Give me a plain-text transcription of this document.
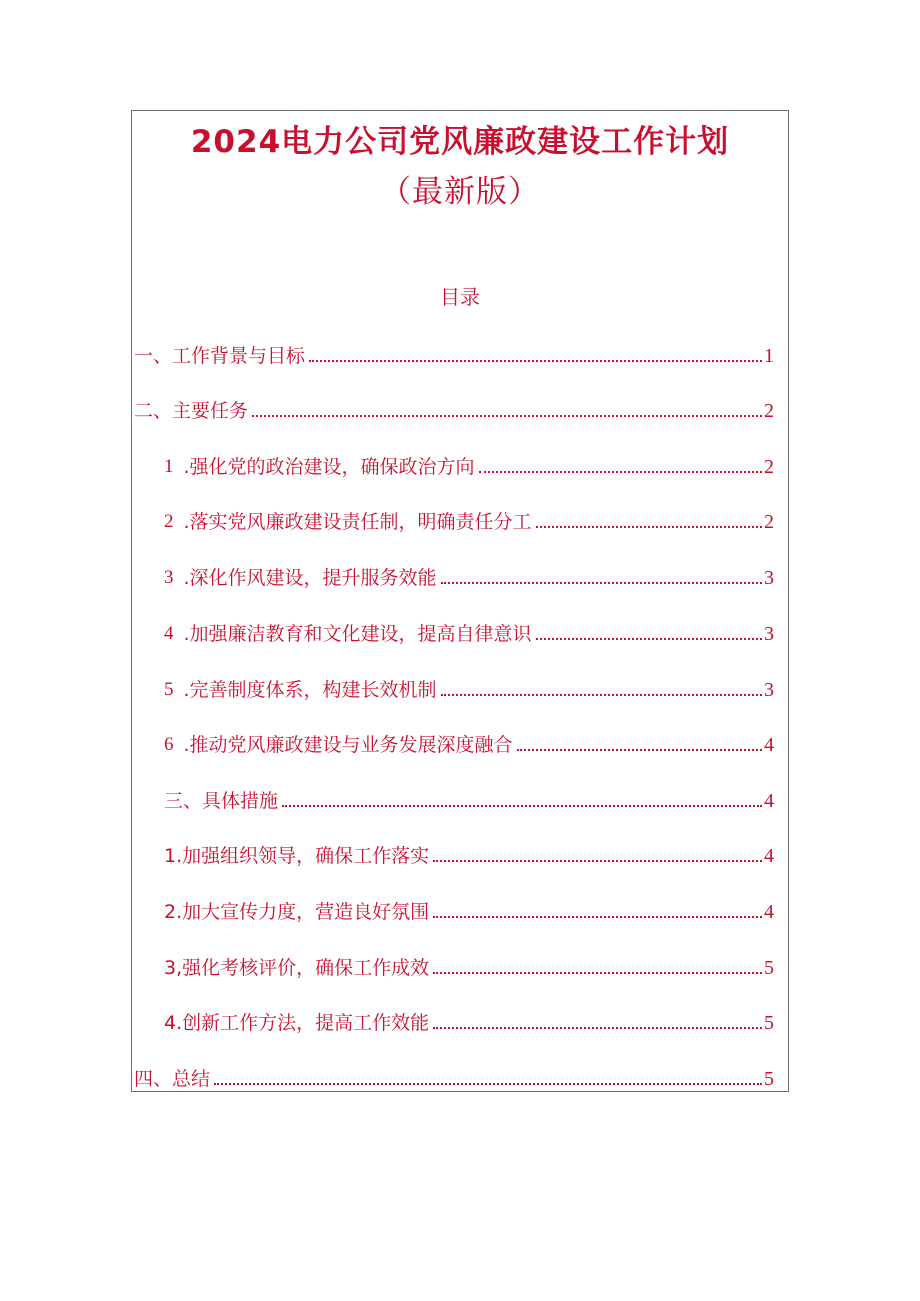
2024电力公司党风廉政建设工作计划
（最新版）
目录
一、工作背景与目标	1
二、主要任务	2
1 .强化党的政治建设，确保政治方向	2
2 .落实党风廉政建设责任制，明确责任分工	2
3 .深化作风建设，提升服务效能	3
4 .加强廉洁教育和文化建设，提高自律意识	3
5 .完善制度体系，构建长效机制	3
6 .推动党风廉政建设与业务发展深度融合	4
三、具体措施	4
1.加强组织领导，确保工作落实	4
2.加大宣传力度，营造良好氛围	4
3,强化考核评价，确保工作成效	5
4.创新工作方法，提高工作效能	5
四、总结	5
